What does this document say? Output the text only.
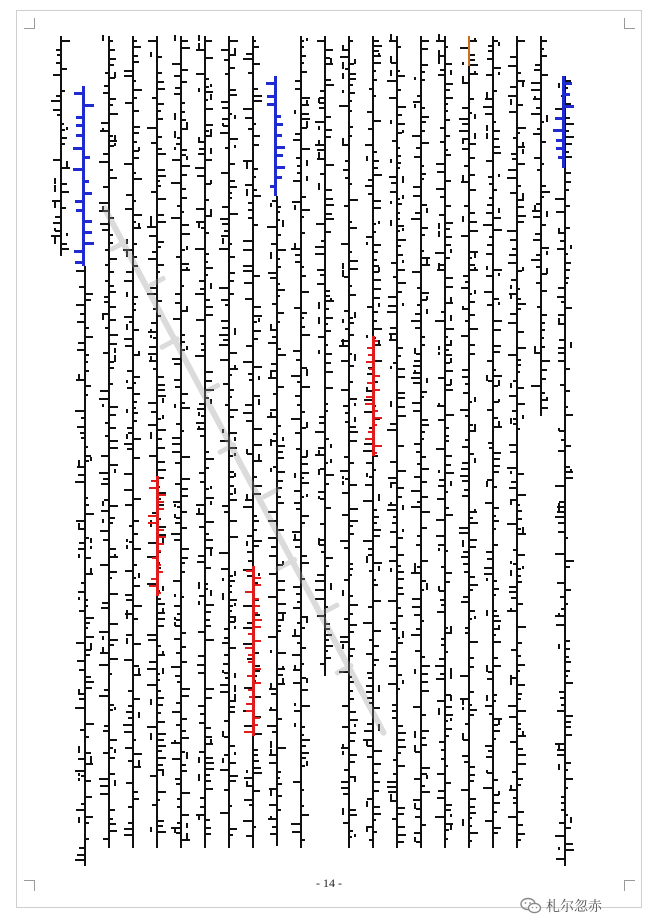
- 14 -
札尔忽赤
